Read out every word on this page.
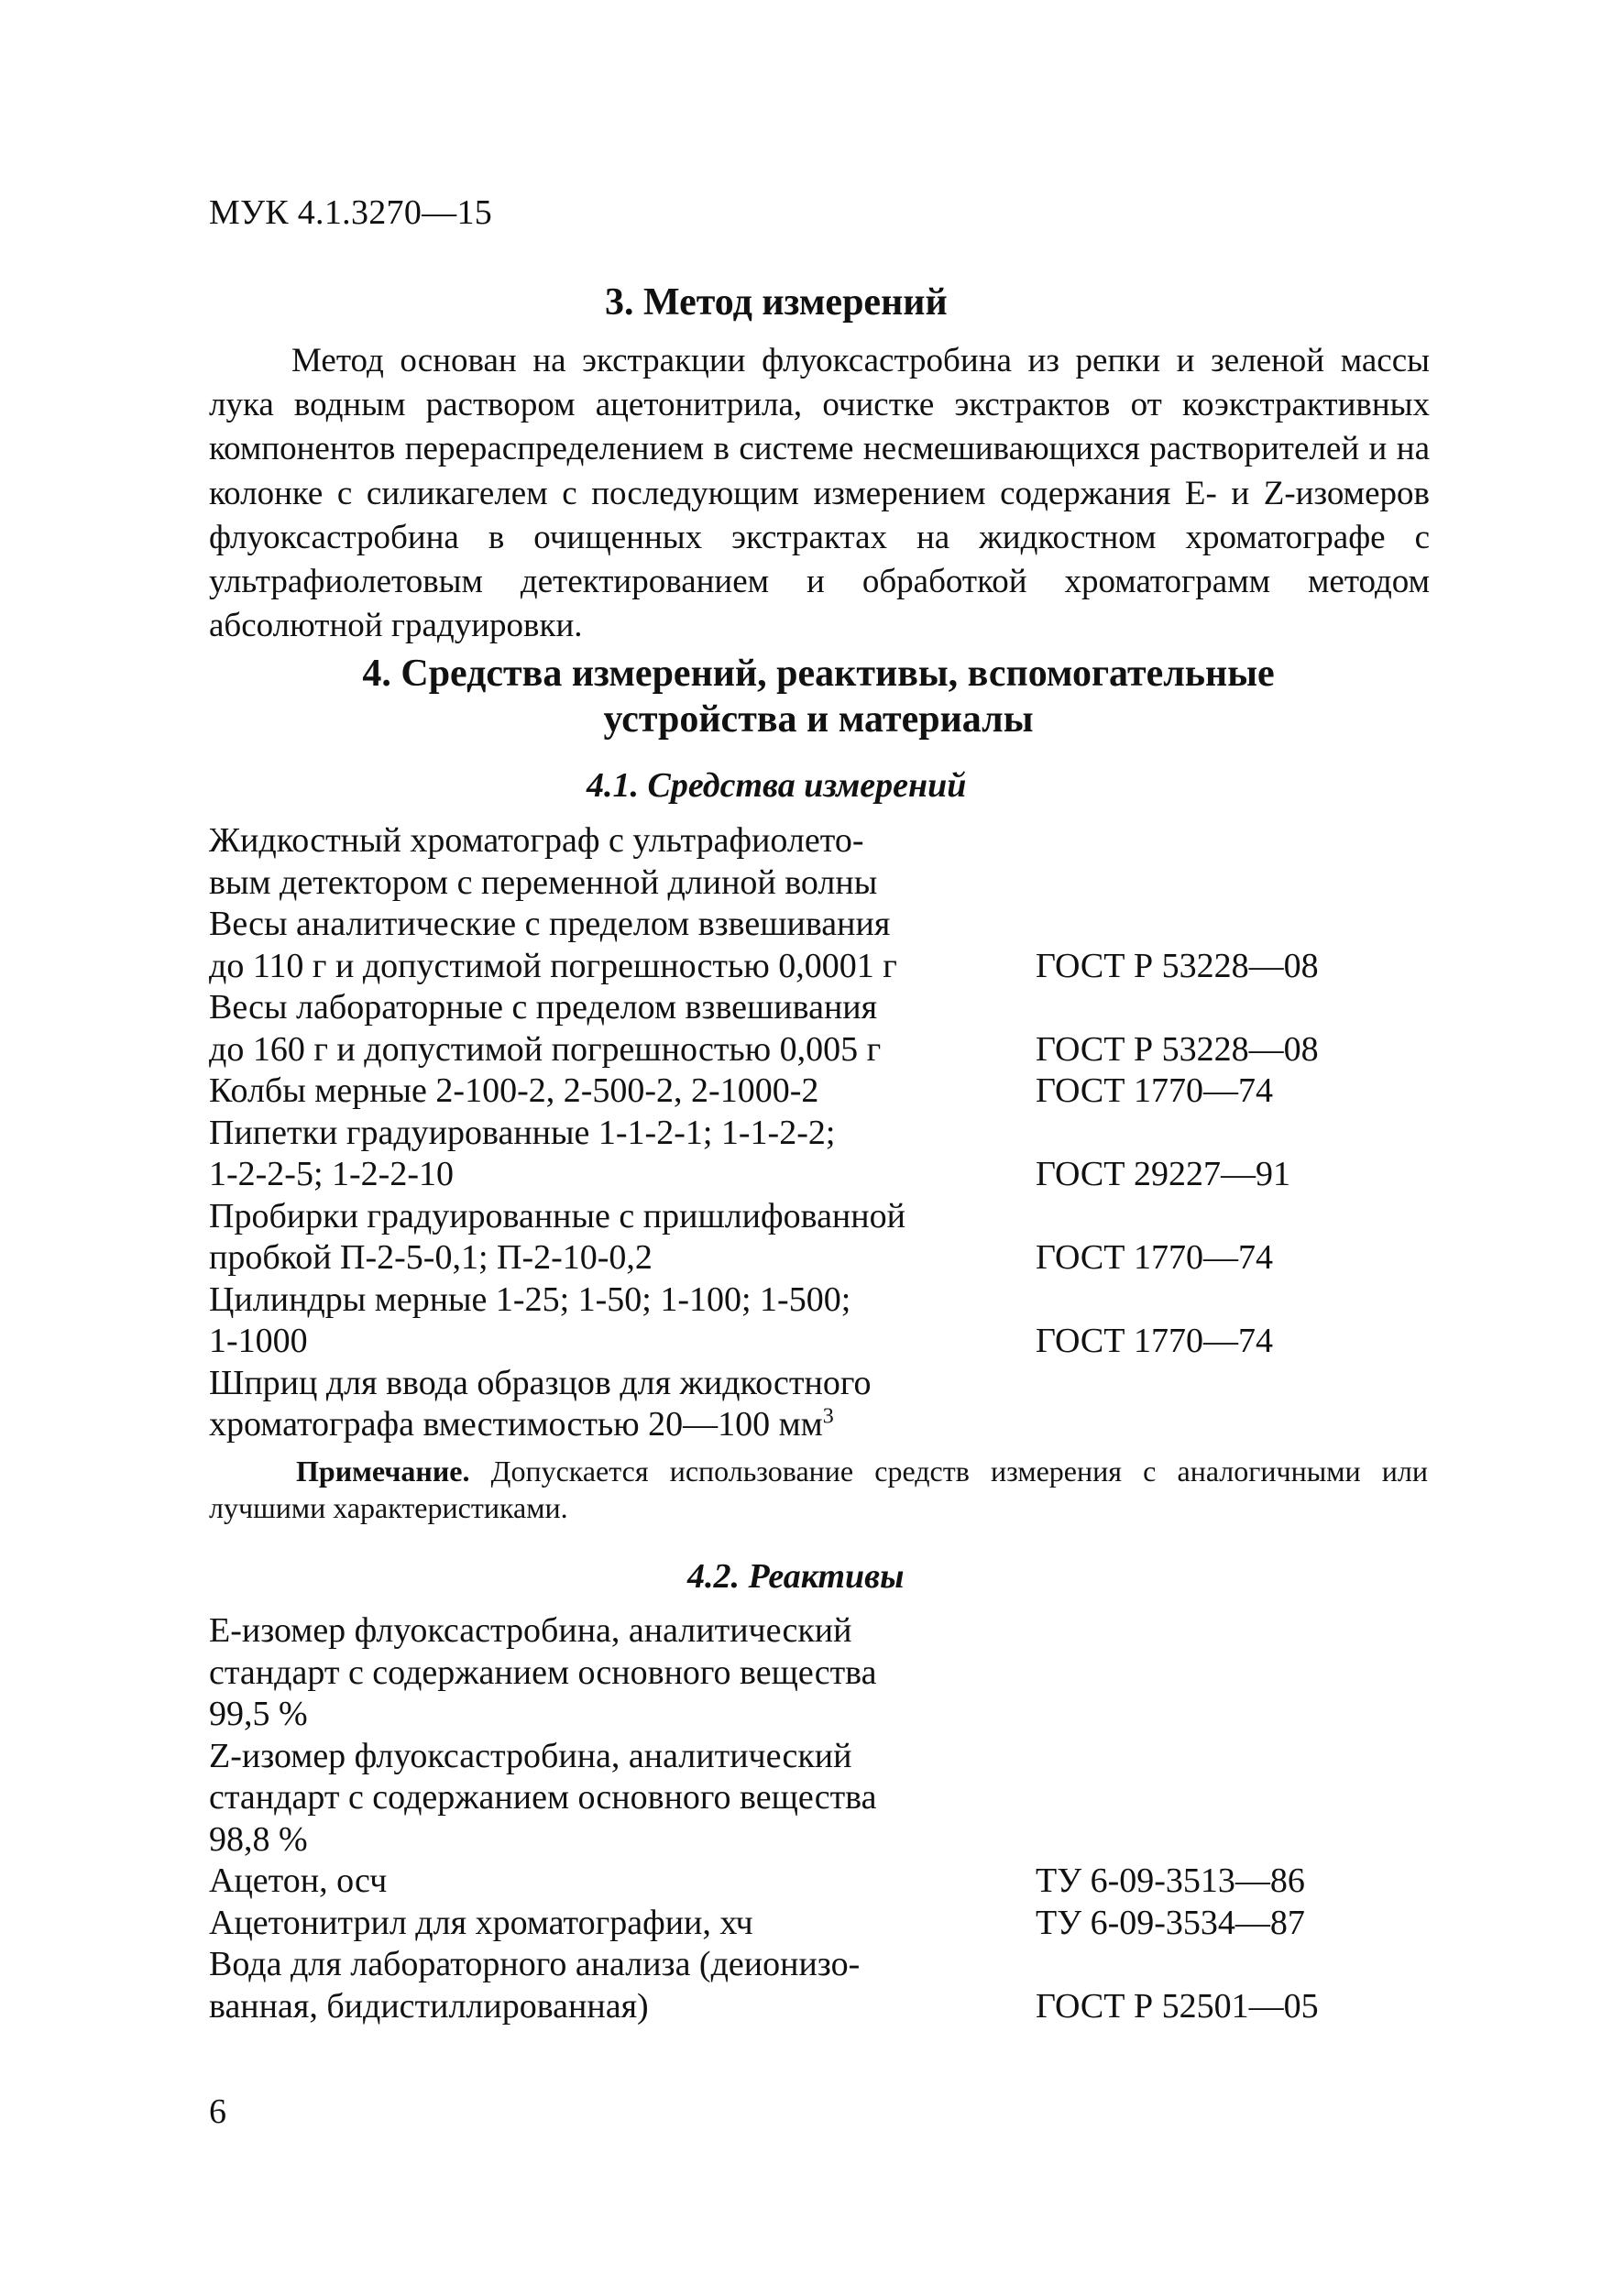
МУК 4.1.3270—15
3. Метод измерений
Метод основан на экстракции флуоксастробина из репки и зеленой массы лука водным раствором ацетонитрила, очистке экстрактов от коэкстрактивных компонентов перераспределением в системе несмешивающихся растворителей и на колонке с силикагелем с последующим измерением содержания Е- и Z-изомеров флуоксастробина в очищенных экстрактах на жидкостном хроматографе с ультрафиолетовым детектированием и обработкой хроматограмм методом абсолютной градуировки.
4. Средства измерений, реактивы, вспомогательные
устройства и материалы
4.1. Средства измерений
Жидкостный хроматограф с ультрафиолето-	
вым детектором с переменной длиной волны	
Весы аналитические с пределом взвешивания	
до 110 г и допустимой погрешностью 0,0001 г	ГОСТ Р 53228—08
Весы лабораторные с пределом взвешивания	
до 160 г и допустимой погрешностью 0,005 г	ГОСТ Р 53228—08
Колбы мерные 2-100-2, 2-500-2, 2-1000-2	ГОСТ 1770—74
Пипетки градуированные 1-1-2-1; 1-1-2-2;	
1-2-2-5; 1-2-2-10	ГОСТ 29227—91
Пробирки градуированные с пришлифованной	
пробкой П-2-5-0,1; П-2-10-0,2	ГОСТ 1770—74
Цилиндры мерные 1-25; 1-50; 1-100; 1-500;	
1-1000	ГОСТ 1770—74
Шприц для ввода образцов для жидкостного	
хроматографа вместимостью 20—100 $мм^3$	
Примечание. Допускается использование средств измерения с аналогичными или лучшими характеристиками.
4.2. Реактивы
Е-изомер флуоксастробина, аналитический	
стандарт с содержанием основного вещества	
99,5 %	
Z-изомер флуоксастробина, аналитический	
стандарт с содержанием основного вещества	
98,8 %	
Ацетон, осч	ТУ 6-09-3513—86
Ацетонитрил для хроматографии, хч	ТУ 6-09-3534—87
Вода для лабораторного анализа (деионизо-	
ванная, бидистиллированная)	ГОСТ Р 52501—05
6
